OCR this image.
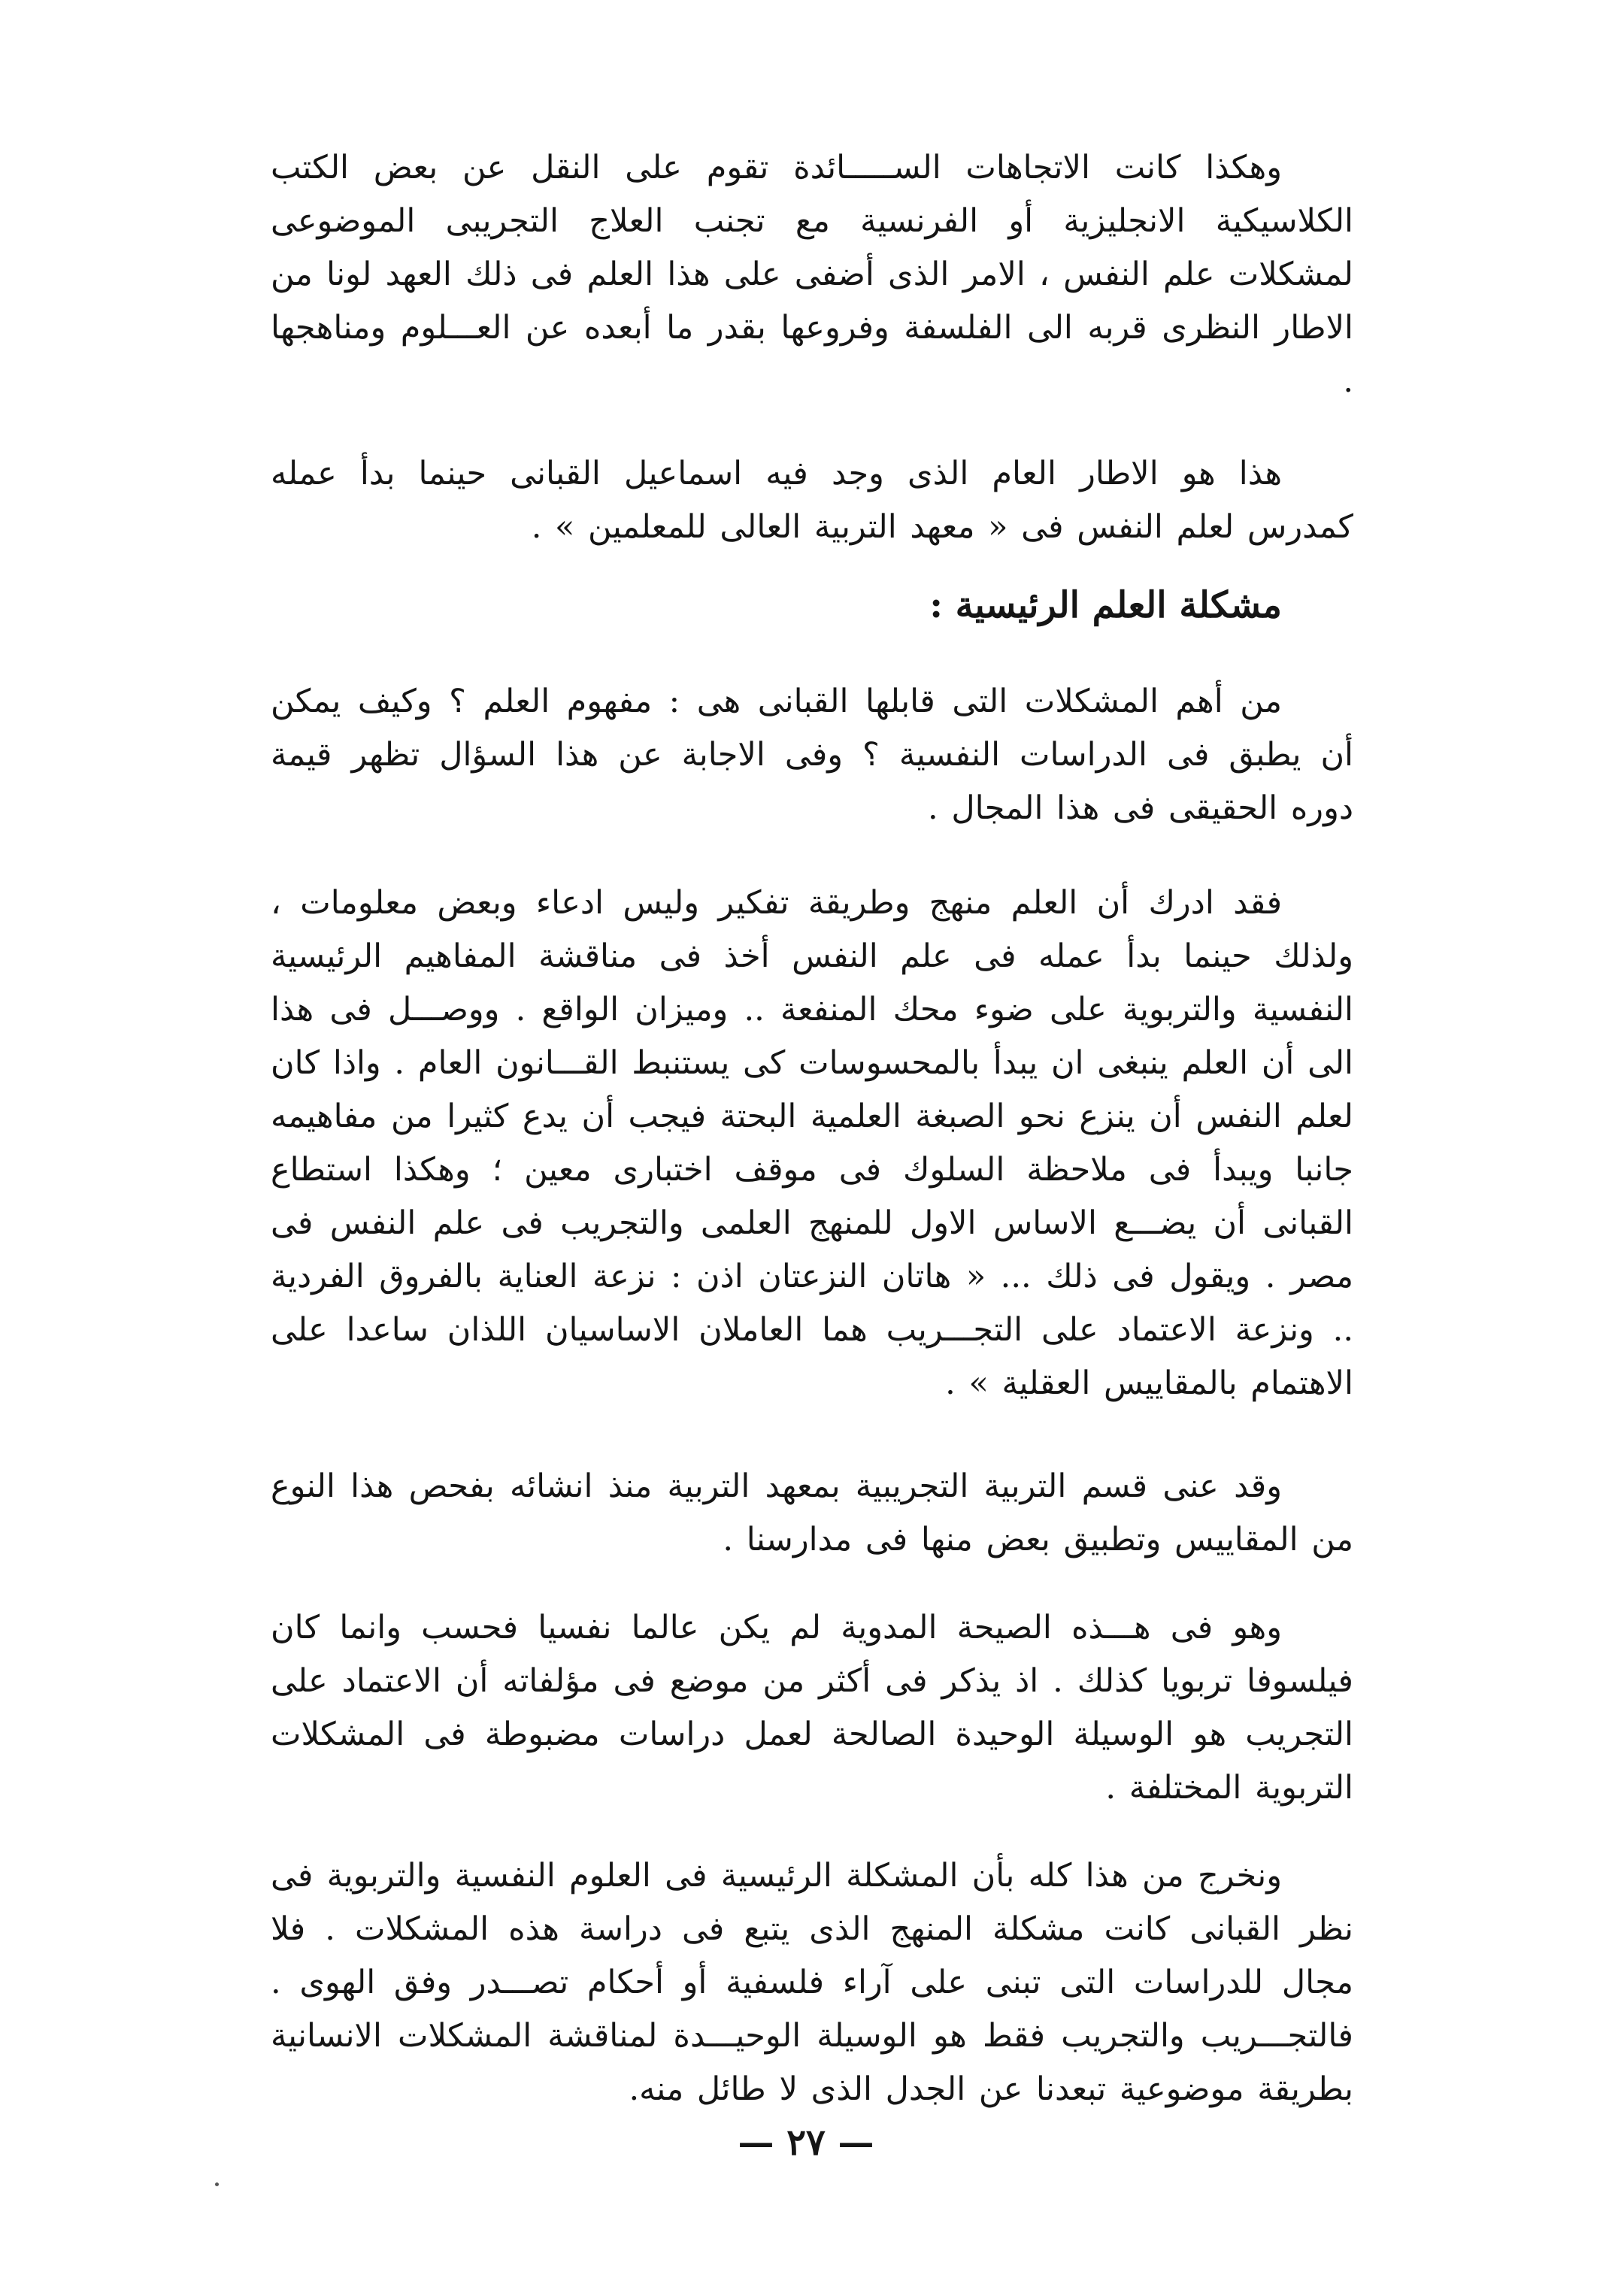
وهكذا كانت الاتجاهات الســـــائدة تقوم على النقل عن بعض الكتب الكلاسيكية الانجليزية أو الفرنسية مع تجنب العلاج التجريبى الموضوعى لمشكلات علم النفس ، الامر الذى أضفى على هذا العلم فى ذلك العهد لونا من الاطار النظرى قربه الى الفلسفة وفروعها بقدر ما أبعده عن العـــلوم ومناهجها .

هذا هو الاطار العام الذى وجد فيه اسماعيل القبانى حينما بدأ عمله كمدرس لعلم النفس فى « معهد التربية العالى للمعلمين » .

مشكلة العلم الرئيسية :

من أهم المشكلات التى قابلها القبانى هى : مفهوم العلم ؟ وكيف يمكن أن يطبق فى الدراسات النفسية ؟ وفى الاجابة عن هذا السؤال تظهر قيمة دوره الحقيقى فى هذا المجال .

فقد ادرك أن العلم منهج وطريقة تفكير وليس ادعاء وبعض معلومات ، ولذلك حينما بدأ عمله فى علم النفس أخذ فى مناقشة المفاهيم الرئيسية النفسية والتربوية على ضوء محك المنفعة .. وميزان الواقع . ووصـــل فى هذا الى أن العلم ينبغى ان يبدأ بالمحسوسات كى يستنبط القـــانون العام . واذا كان لعلم النفس أن ينزع نحو الصبغة العلمية البحتة فيجب أن يدع كثيرا من مفاهيمه جانبا ويبدأ فى ملاحظة السلوك فى موقف اختبارى معين ؛ وهكذا استطاع القبانى أن يضـــع الاساس الاول للمنهج العلمى والتجريب فى علم النفس فى مصر . ويقول فى ذلك ... « هاتان النزعتان اذن : نزعة العناية بالفروق الفردية .. ونزعة الاعتماد على التجـــريب هما العاملان الاساسيان اللذان ساعدا على الاهتمام بالمقاييس العقلية » .

وقد عنى قسم التربية التجريبية بمعهد التربية منذ انشائه بفحص هذا النوع من المقاييس وتطبيق بعض منها فى مدارسنا .

وهو فى هـــذه الصيحة المدوية لم يكن عالما نفسيا فحسب وانما كان فيلسوفا تربويا كذلك . اذ يذكر فى أكثر من موضع فى مؤلفاته أن الاعتماد على التجريب هو الوسيلة الوحيدة الصالحة لعمل دراسات مضبوطة فى المشكلات التربوية المختلفة .

ونخرج من هذا كله بأن المشكلة الرئيسية فى العلوم النفسية والتربوية فى نظر القبانى كانت مشكلة المنهج الذى يتبع فى دراسة هذه المشكلات . فلا مجال للدراسات التى تبنى على آراء فلسفية أو أحكام تصـــدر وفق الهوى . فالتجـــريب والتجريب فقط هو الوسيلة الوحيـــدة لمناقشة المشكلات الانسانية بطريقة موضوعية تبعدنا عن الجدل الذى لا طائل منه.

— ٢٧ —
